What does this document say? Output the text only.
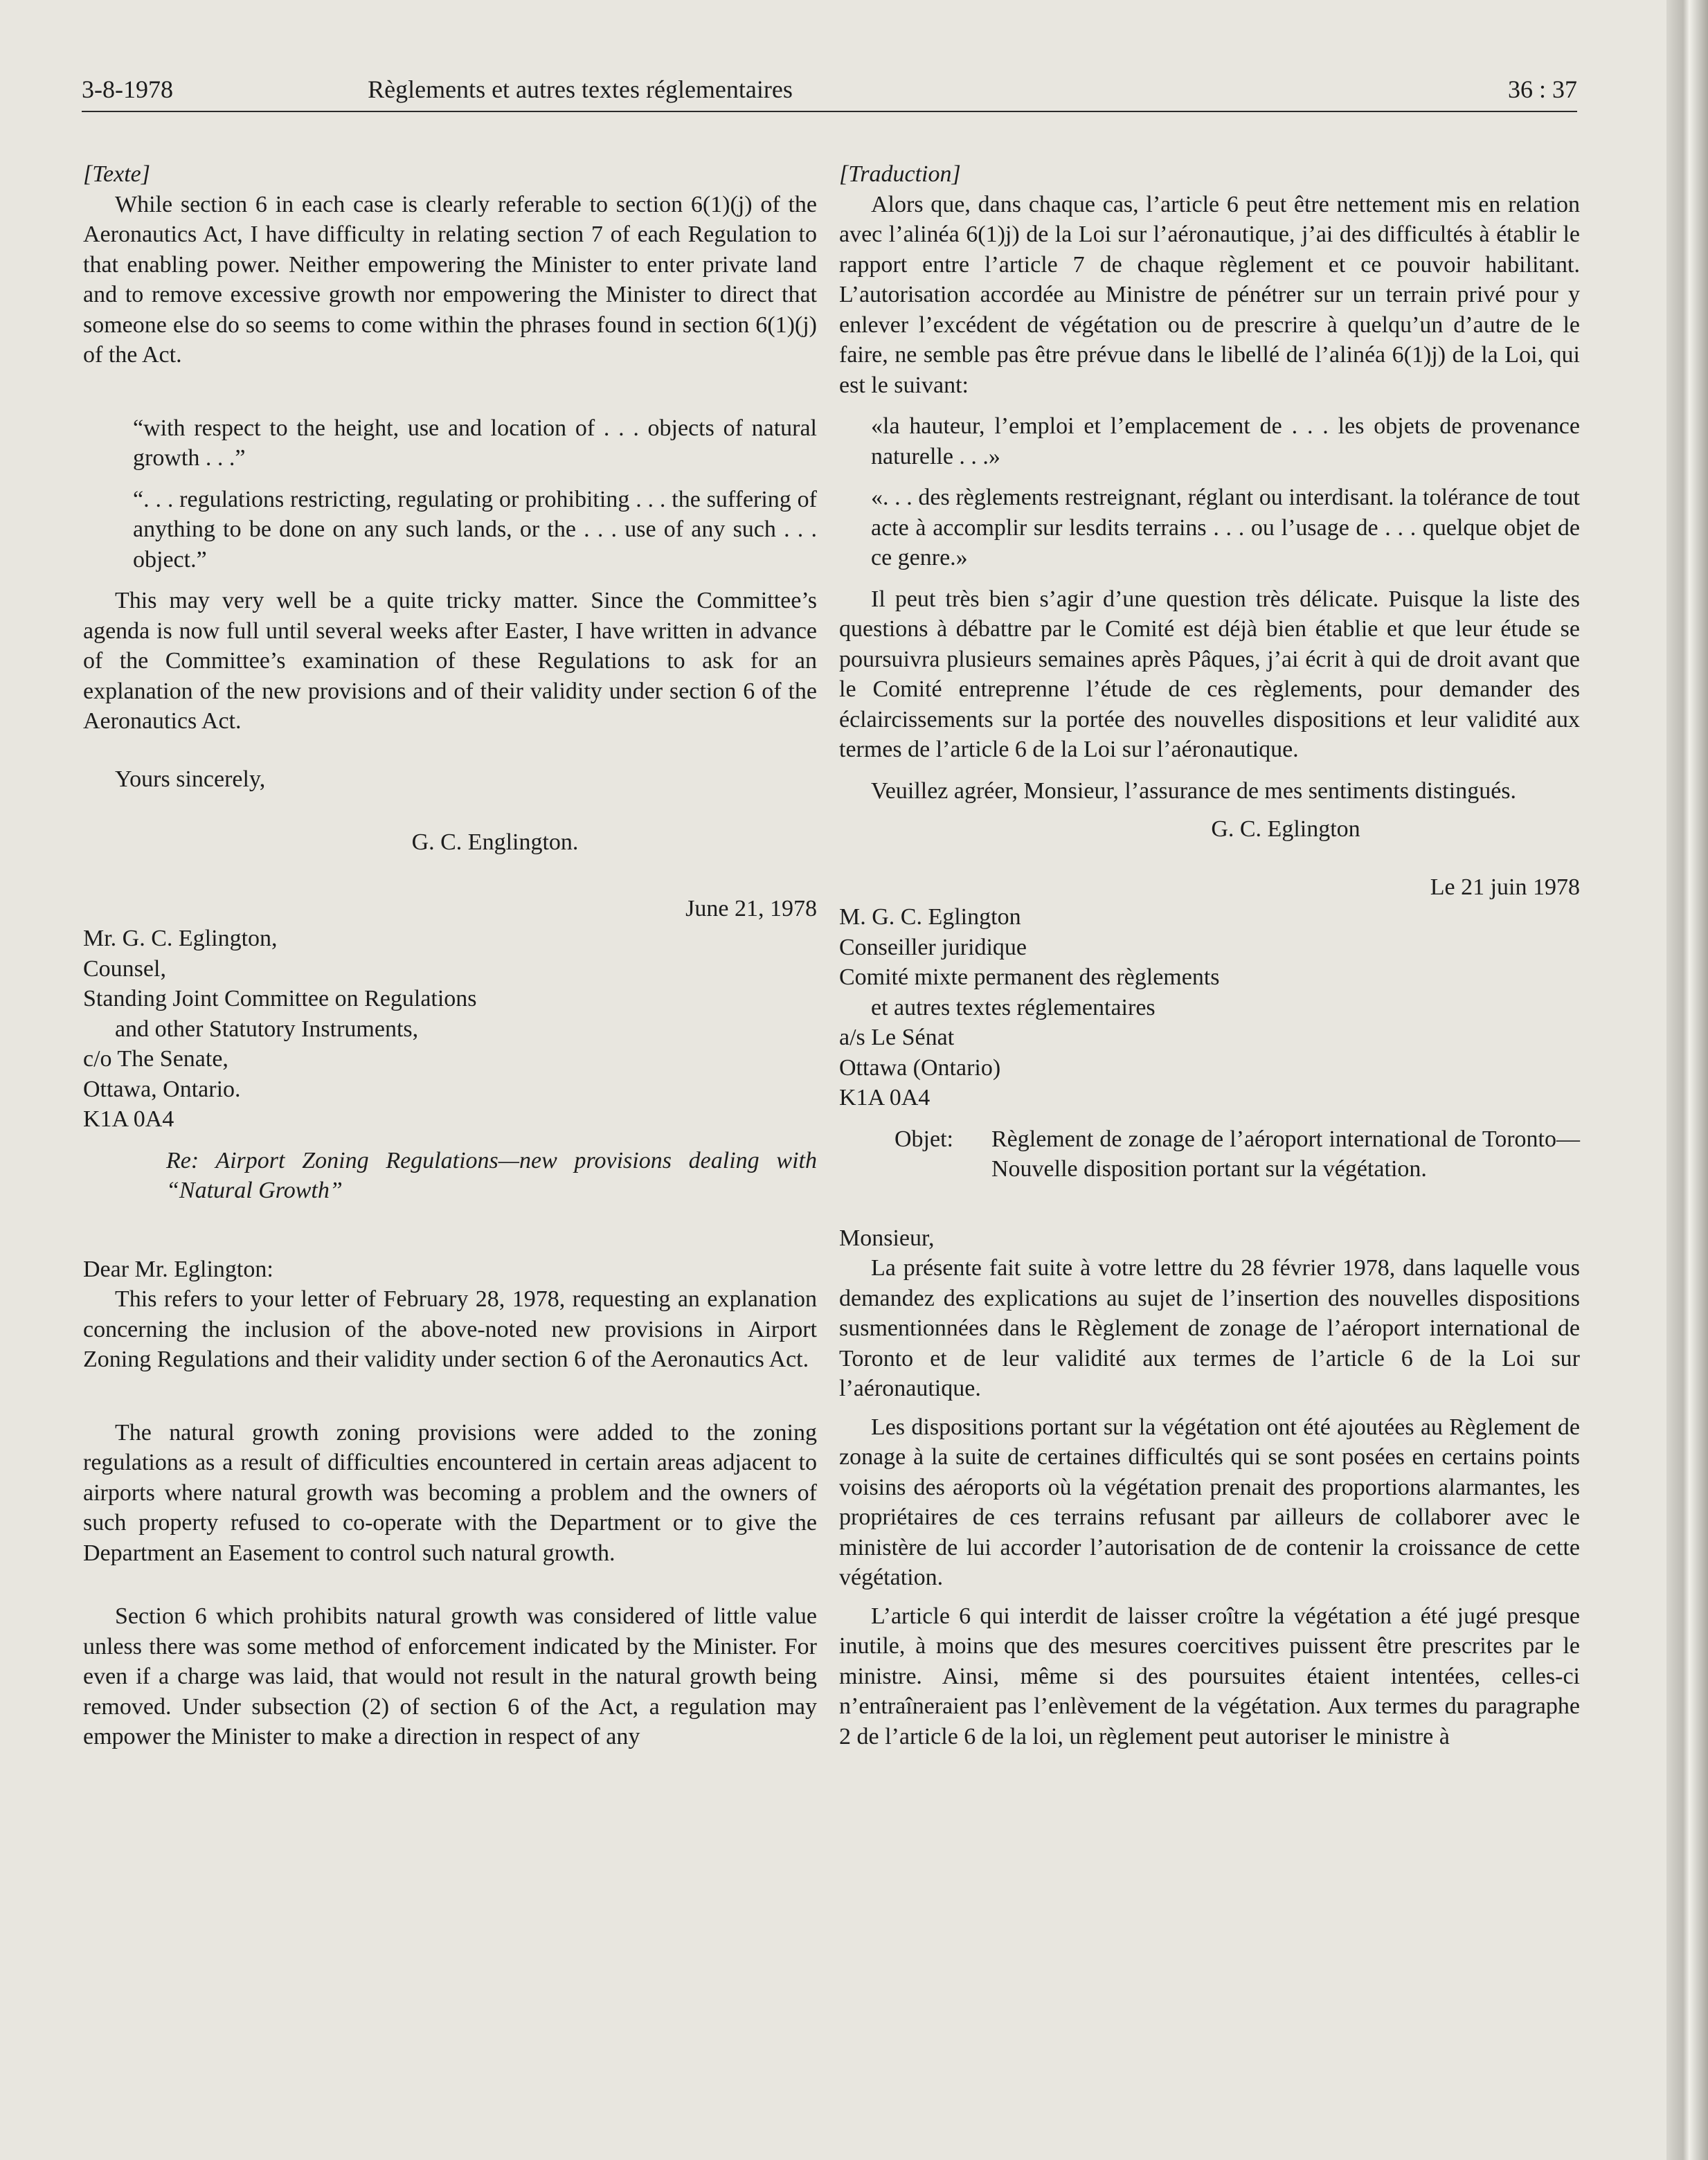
3-8-1978	Règlements et autres textes réglementaires	36 : 37

[Texte]

While section 6 in each case is clearly referable to section 6(1)(j) of the Aeronautics Act, I have difficulty in relating section 7 of each Regulation to that enabling power. Neither empowering the Minister to enter private land and to remove excessive growth nor empowering the Minister to direct that someone else do so seems to come within the phrases found in section 6(1)(j) of the Act.

“with respect to the height, use and location of . . . objects of natural growth . . .”

“. . . regulations restricting, regulating or prohibiting . . . the suffering of anything to be done on any such lands, or the . . . use of any such . . . object.”

This may very well be a quite tricky matter. Since the Committee’s agenda is now full until several weeks after Easter, I have written in advance of the Committee’s examination of these Regulations to ask for an explanation of the new provisions and of their validity under section 6 of the Aeronautics Act.

Yours sincerely,

G. C. Englington.

June 21, 1978

Mr. G. C. Eglington,

Counsel,

Standing Joint Committee on Regulations

and other Statutory Instruments,

c/o The Senate,

Ottawa, Ontario.

K1A 0A4

Re: Airport Zoning Regulations—new provisions dealing with “Natural Growth”

Dear Mr. Eglington:

This refers to your letter of February 28, 1978, requesting an explanation concerning the inclusion of the above-noted new provisions in Airport Zoning Regulations and their validity under section 6 of the Aeronautics Act.

The natural growth zoning provisions were added to the zoning regulations as a result of difficulties encountered in certain areas adjacent to airports where natural growth was becoming a problem and the owners of such property refused to co-operate with the Department or to give the Department an Easement to control such natural growth.

Section 6 which prohibits natural growth was considered of little value unless there was some method of enforcement indicated by the Minister. For even if a charge was laid, that would not result in the natural growth being removed. Under subsection (2) of section 6 of the Act, a regulation may empower the Minister to make a direction in respect of any

[Traduction]

Alors que, dans chaque cas, l’article 6 peut être nettement mis en relation avec l’alinéa 6(1)j) de la Loi sur l’aéronautique, j’ai des difficultés à établir le rapport entre l’article 7 de chaque règlement et ce pouvoir habilitant. L’autorisation accordée au Ministre de pénétrer sur un terrain privé pour y enlever l’excédent de végétation ou de prescrire à quelqu’un d’autre de le faire, ne semble pas être prévue dans le libellé de l’alinéa 6(1)j) de la Loi, qui est le suivant:

«la hauteur, l’emploi et l’emplacement de . . . les objets de provenance naturelle . . .»

«. . . des règlements restreignant, réglant ou interdisant. la tolérance de tout acte à accomplir sur lesdits terrains . . . ou l’usage de . . . quelque objet de ce genre.»

Il peut très bien s’agir d’une question très délicate. Puisque la liste des questions à débattre par le Comité est déjà bien établie et que leur étude se poursuivra plusieurs semaines après Pâques, j’ai écrit à qui de droit avant que le Comité entreprenne l’étude de ces règlements, pour demander des éclaircissements sur la portée des nouvelles dispositions et leur validité aux termes de l’article 6 de la Loi sur l’aéronautique.

Veuillez agréer, Monsieur, l’assurance de mes sentiments distingués.

G. C. Eglington

Le 21 juin 1978

M. G. C. Eglington

Conseiller juridique

Comité mixte permanent des règlements

et autres textes réglementaires

a/s Le Sénat

Ottawa (Ontario)

K1A 0A4

Objet:	Règlement de zonage de l’aéroport international de Toronto—Nouvelle disposition portant sur la végétation.

Monsieur,

La présente fait suite à votre lettre du 28 février 1978, dans laquelle vous demandez des explications au sujet de l’insertion des nouvelles dispositions susmentionnées dans le Règlement de zonage de l’aéroport international de Toronto et de leur validité aux termes de l’article 6 de la Loi sur l’aéronautique.

Les dispositions portant sur la végétation ont été ajoutées au Règlement de zonage à la suite de certaines difficultés qui se sont posées en certains points voisins des aéroports où la végétation prenait des proportions alarmantes, les propriétaires de ces terrains refusant par ailleurs de collaborer avec le ministère de lui accorder l’autorisation de de contenir la croissance de cette végétation.

L’article 6 qui interdit de laisser croître la végétation a été jugé presque inutile, à moins que des mesures coercitives puissent être prescrites par le ministre. Ainsi, même si des poursuites étaient intentées, celles-ci n’entraîneraient pas l’enlèvement de la végétation. Aux termes du paragraphe 2 de l’article 6 de la loi, un règlement peut autoriser le ministre à
